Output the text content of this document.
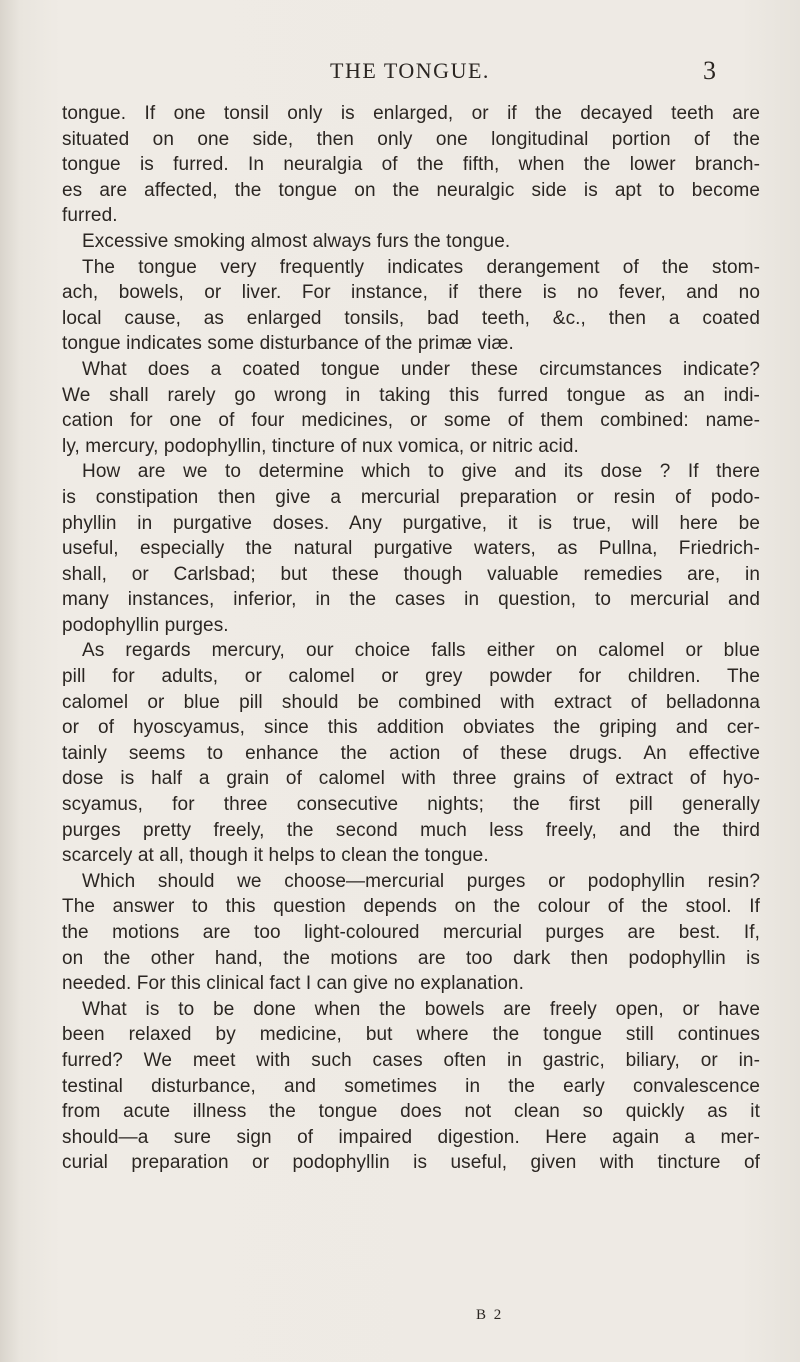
THE TONGUE.	3
tongue. If one tonsil only is enlarged, or if the decayed teeth are
situated on one side, then only one longitudinal portion of the
tongue is furred. In neuralgia of the fifth, when the lower branch-
es are affected, the tongue on the neuralgic side is apt to become
furred.
Excessive smoking almost always furs the tongue.
The tongue very frequently indicates derangement of the stom-
ach, bowels, or liver. For instance, if there is no fever, and no
local cause, as enlarged tonsils, bad teeth, &c., then a coated
tongue indicates some disturbance of the primæ viæ.
What does a coated tongue under these circumstances indicate?
We shall rarely go wrong in taking this furred tongue as an indi-
cation for one of four medicines, or some of them combined: name-
ly, mercury, podophyllin, tincture of nux vomica, or nitric acid.
How are we to determine which to give and its dose ? If there
is constipation then give a mercurial preparation or resin of podo-
phyllin in purgative doses. Any purgative, it is true, will here be
useful, especially the natural purgative waters, as Pullna, Friedrich-
shall, or Carlsbad; but these though valuable remedies are, in
many instances, inferior, in the cases in question, to mercurial and
podophyllin purges.
As regards mercury, our choice falls either on calomel or blue
pill for adults, or calomel or grey powder for children. The
calomel or blue pill should be combined with extract of belladonna
or of hyoscyamus, since this addition obviates the griping and cer-
tainly seems to enhance the action of these drugs. An effective
dose is half a grain of calomel with three grains of extract of hyo-
scyamus, for three consecutive nights; the first pill generally
purges pretty freely, the second much less freely, and the third
scarcely at all, though it helps to clean the tongue.
Which should we choose—mercurial purges or podophyllin resin?
The answer to this question depends on the colour of the stool. If
the motions are too light-coloured mercurial purges are best. If,
on the other hand, the motions are too dark then podophyllin is
needed. For this clinical fact I can give no explanation.
What is to be done when the bowels are freely open, or have
been relaxed by medicine, but where the tongue still continues
furred? We meet with such cases often in gastric, biliary, or in-
testinal disturbance, and sometimes in the early convalescence
from acute illness the tongue does not clean so quickly as it
should—a sure sign of impaired digestion. Here again a mer-
curial preparation or podophyllin is useful, given with tincture of
B 2
